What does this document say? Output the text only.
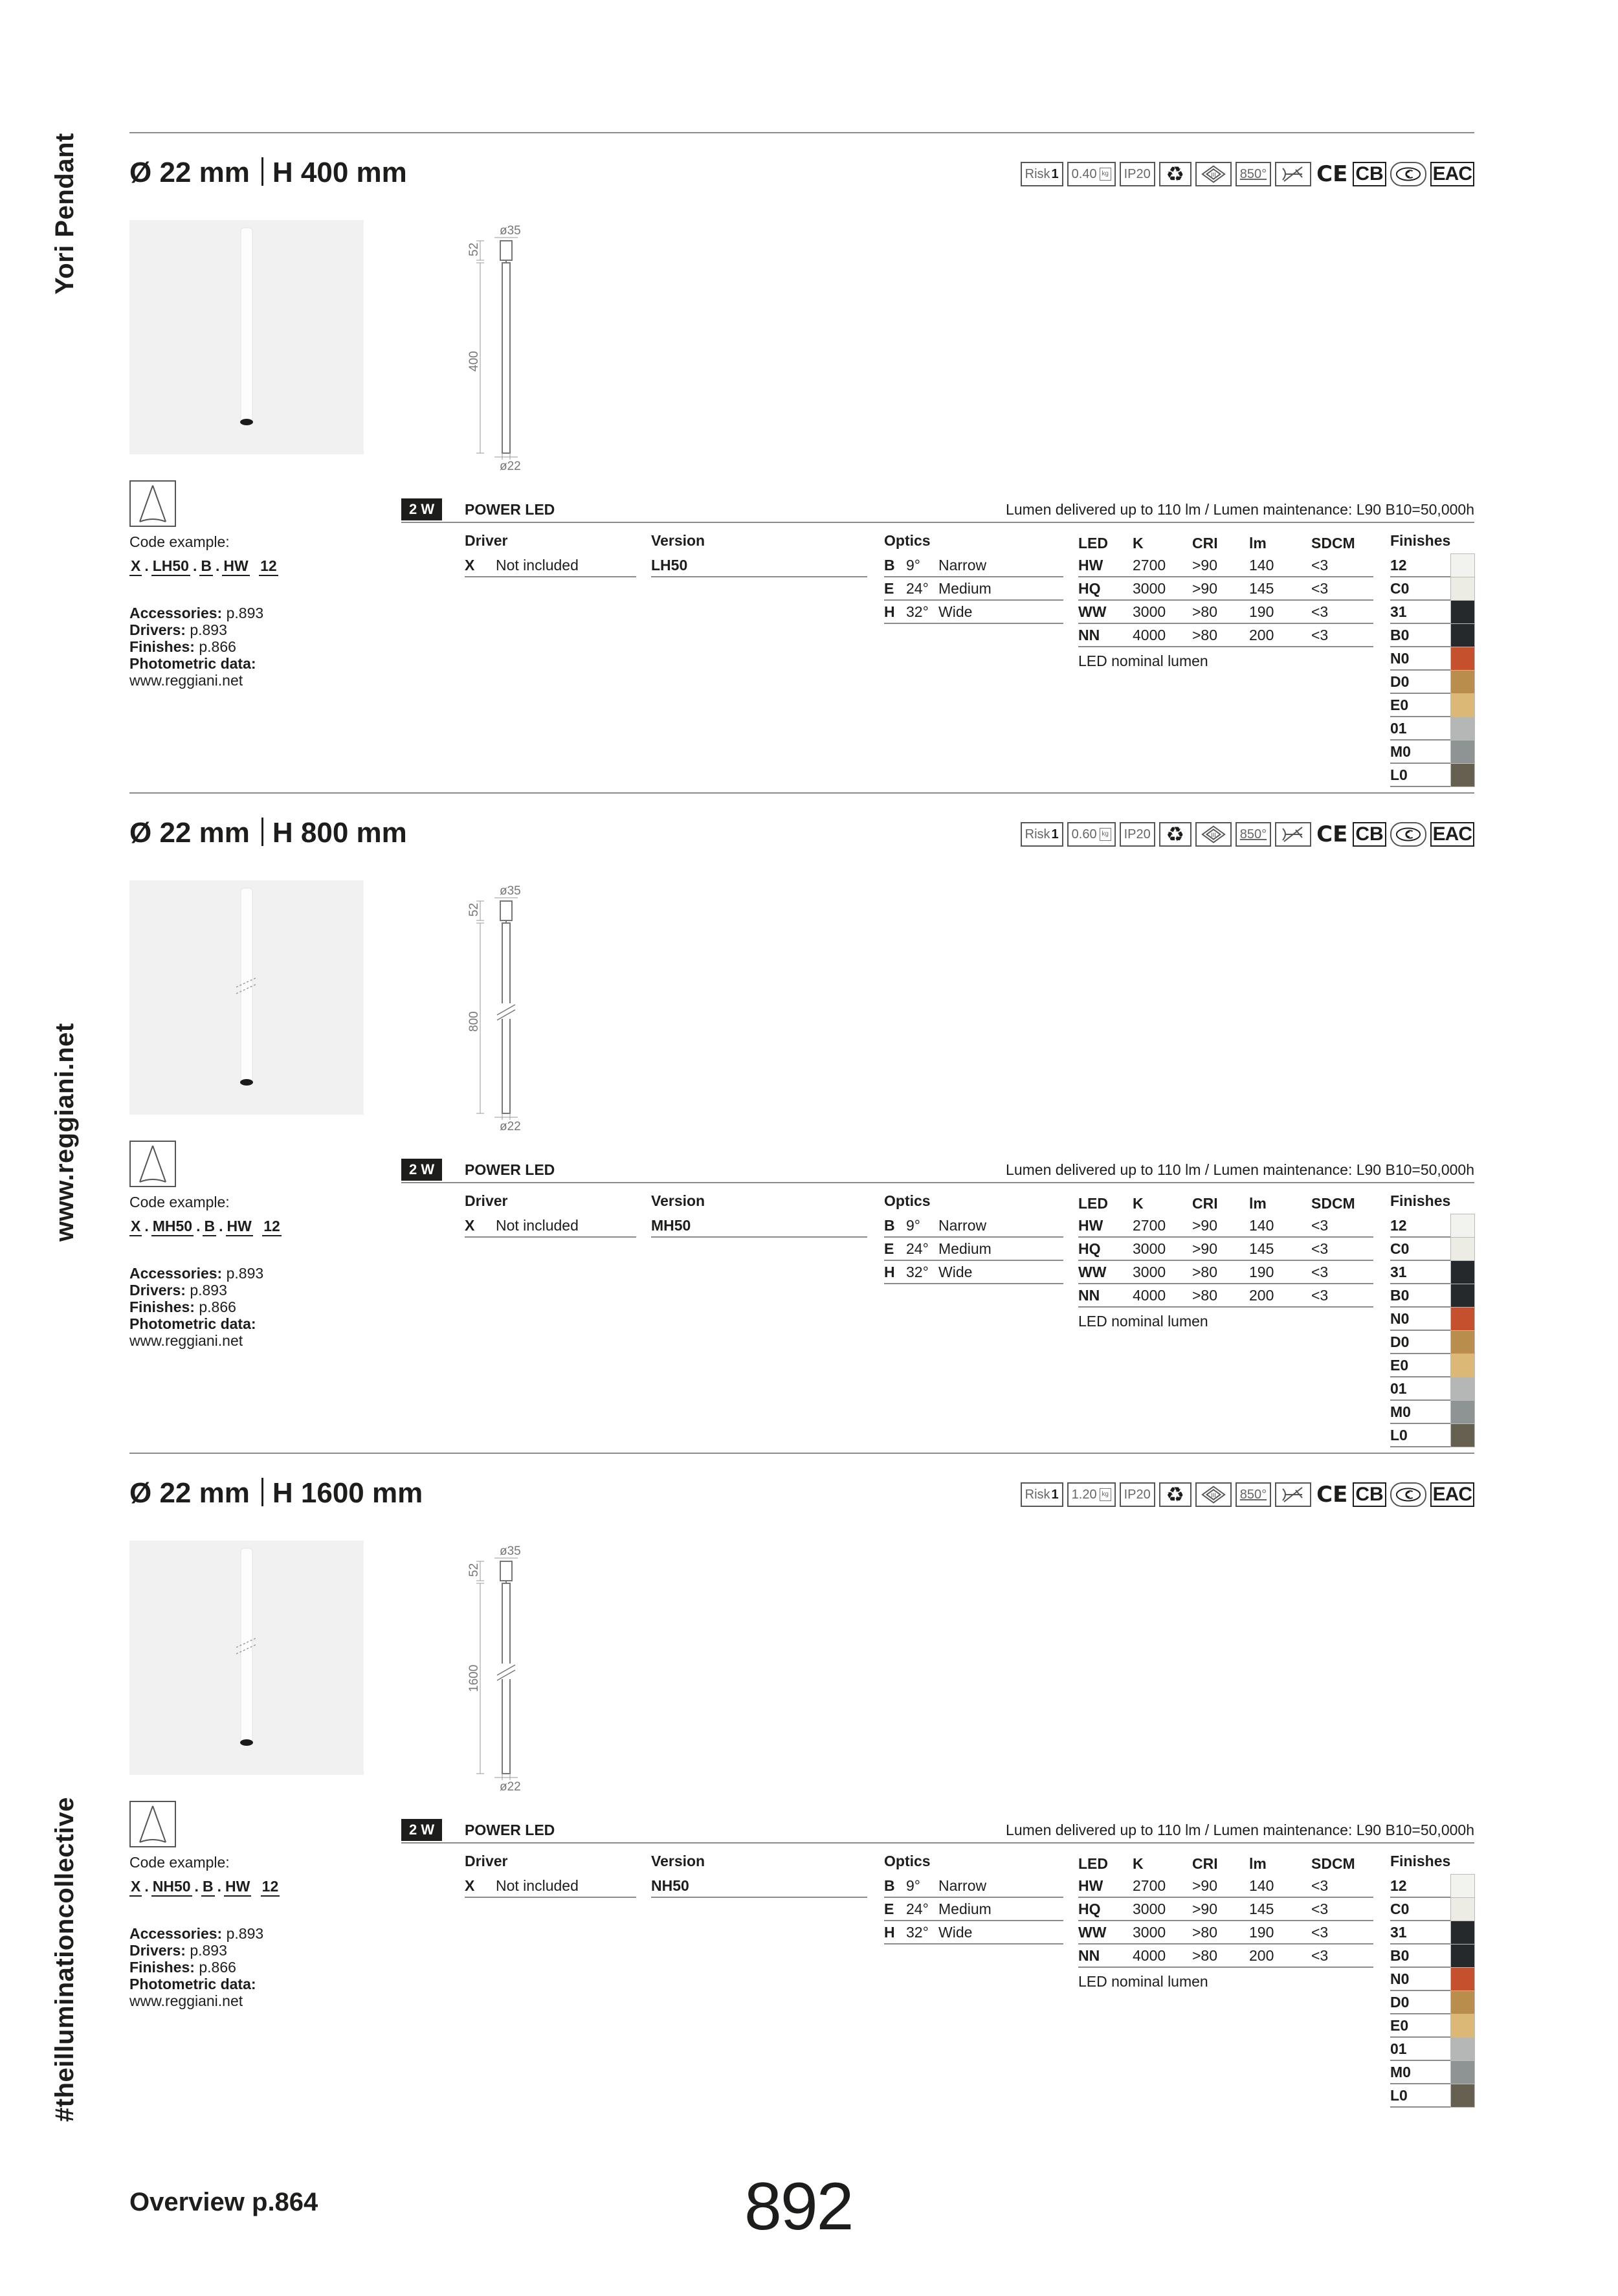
Yori Pendant
www.reggiani.net
#theilluminationcollective
Ø 22 mm H 400 mm	Risk 1 0.40 kg	IP20 ♻	III	850° CE CB	EAC
ø35
52
400
ø22
Code example:
X . LH50 . B . HW 12
Accessories: p.893
Drivers: p.893
Finishes: p.866
Photometric data:
www.reggiani.net
2 W	POWER LED	Lumen delivered up to 110 lm / Lumen maintenance: L90 B10=50,000h
Driver
X Not included
Version
LH50
Optics
B 9° Narrow
E 24° Medium
H 32° Wide
LED K	CRI lm	SDCM
HW 2700 >90 140	<3
HQ 3000 >90 145	<3
WW 3000 >80 190	<3
NN 4000 >80 200	<3
LED nominal lumen
Finishes
12
C0
31
B0
N0
D0
E0
01
M0
L0
Ø 22 mm H 800 mm	Risk 1 0.60 kg	IP20 ♻	III	850° CE CB	EAC
ø35
52
800
ø22
Code example:
X . MH50 . B . HW 12
Accessories: p.893
Drivers: p.893
Finishes: p.866
Photometric data:
www.reggiani.net
2 W	POWER LED	Lumen delivered up to 110 lm / Lumen maintenance: L90 B10=50,000h
Driver
X Not included
Version
MH50
Optics
B 9° Narrow
E 24° Medium
H 32° Wide
LED K	CRI lm	SDCM
HW 2700 >90 140	<3
HQ 3000 >90 145	<3
WW 3000 >80 190	<3
NN 4000 >80 200	<3
LED nominal lumen
Finishes
12
C0
31
B0
N0
D0
E0
01
M0
L0
Ø 22 mm H 1600 mm	Risk 1 1.20 kg	IP20 ♻	III	850° CE CB	EAC
ø35
52
1600
ø22
Code example:
X . NH50 . B . HW 12
Accessories: p.893
Drivers: p.893
Finishes: p.866
Photometric data:
www.reggiani.net
2 W	POWER LED	Lumen delivered up to 110 lm / Lumen maintenance: L90 B10=50,000h
Driver
X Not included
Version
NH50
Optics
B 9° Narrow
E 24° Medium
H 32° Wide
LED K	CRI lm	SDCM
HW 2700 >90 140	<3
HQ 3000 >90 145	<3
WW 3000 >80 190	<3
NN 4000 >80 200	<3
LED nominal lumen
Finishes
12
C0
31
B0
N0
D0
E0
01
M0
L0
Overview p.864	892
